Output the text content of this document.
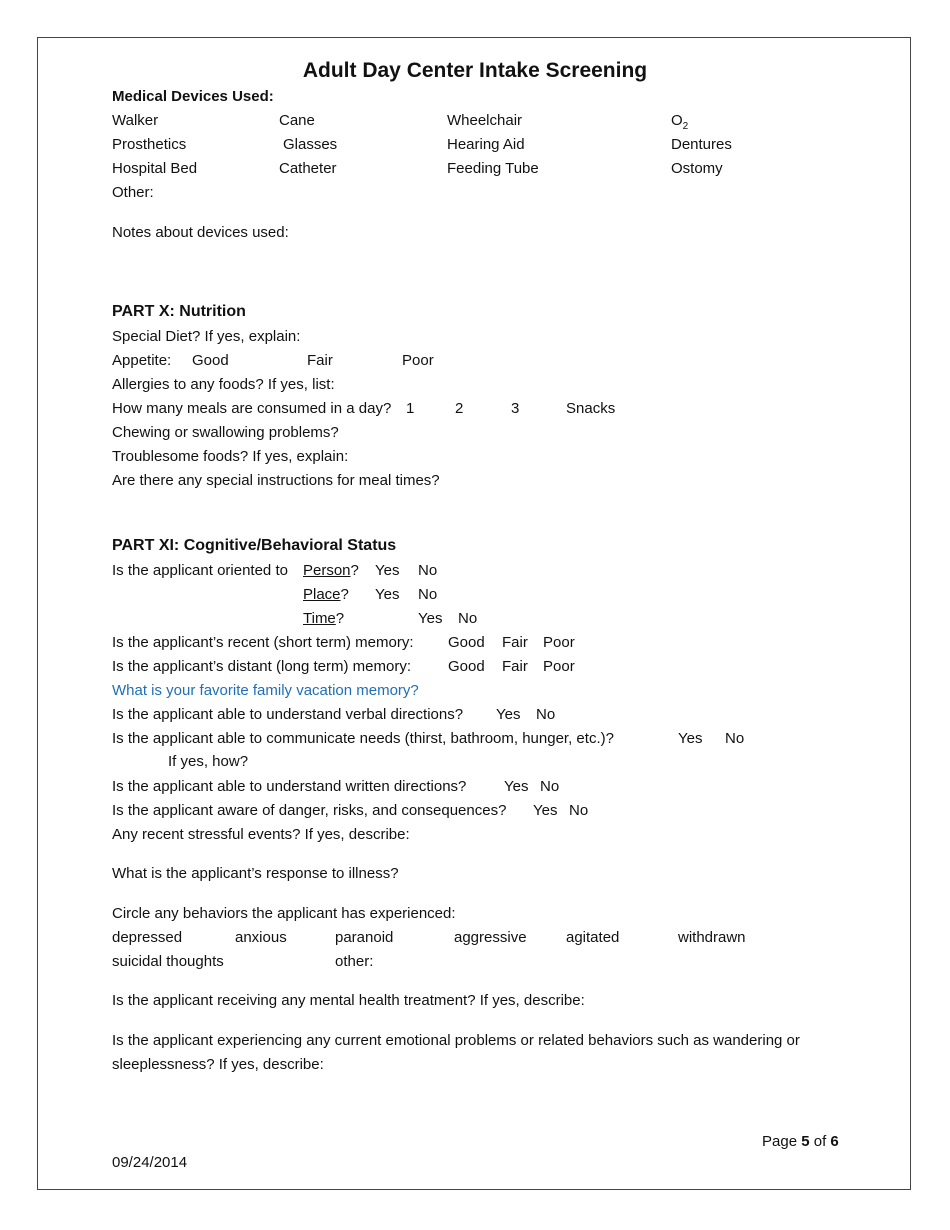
Adult Day Center Intake Screening
Medical Devices Used:
Walker	Cane	Wheelchair	$O_2$
Prosthetics	Glasses	Hearing Aid	Dentures
Hospital Bed	Catheter	Feeding Tube	Ostomy
Other:
Notes about devices used:
PART X: Nutrition
Special Diet? If yes, explain:
Appetite: Good	Fair	Poor
Allergies to any foods? If yes, list:
How many meals are consumed in a day? 1	2	3	Snacks
Chewing or swallowing problems?
Troublesome foods? If yes, explain:
Are there any special instructions for meal times?
PART XI: Cognitive/Behavioral Status
Is the applicant oriented to Person? Yes No
Place? Yes No
Time?	Yes No
Is the applicant’s recent (short term) memory: Good Fair Poor
Is the applicant’s distant (long term) memory: Good Fair Poor
What is your favorite family vacation memory?
Is the applicant able to understand verbal directions? Yes No
Is the applicant able to communicate needs (thirst, bathroom, hunger, etc.)?	Yes No
If yes, how?
Is the applicant able to understand written directions?	Yes No
Is the applicant aware of danger, risks, and consequences? Yes No
Any recent stressful events? If yes, describe:
What is the applicant’s response to illness?
Circle any behaviors the applicant has experienced:
depressed	anxious	paranoid	aggressive	agitated	withdrawn
suicidal thoughts	other:
Is the applicant receiving any mental health treatment? If yes, describe:
Is the applicant experiencing any current emotional problems or related behaviors such as wandering or
sleeplessness? If yes, describe:
Page 5 of 6
09/24/2014
